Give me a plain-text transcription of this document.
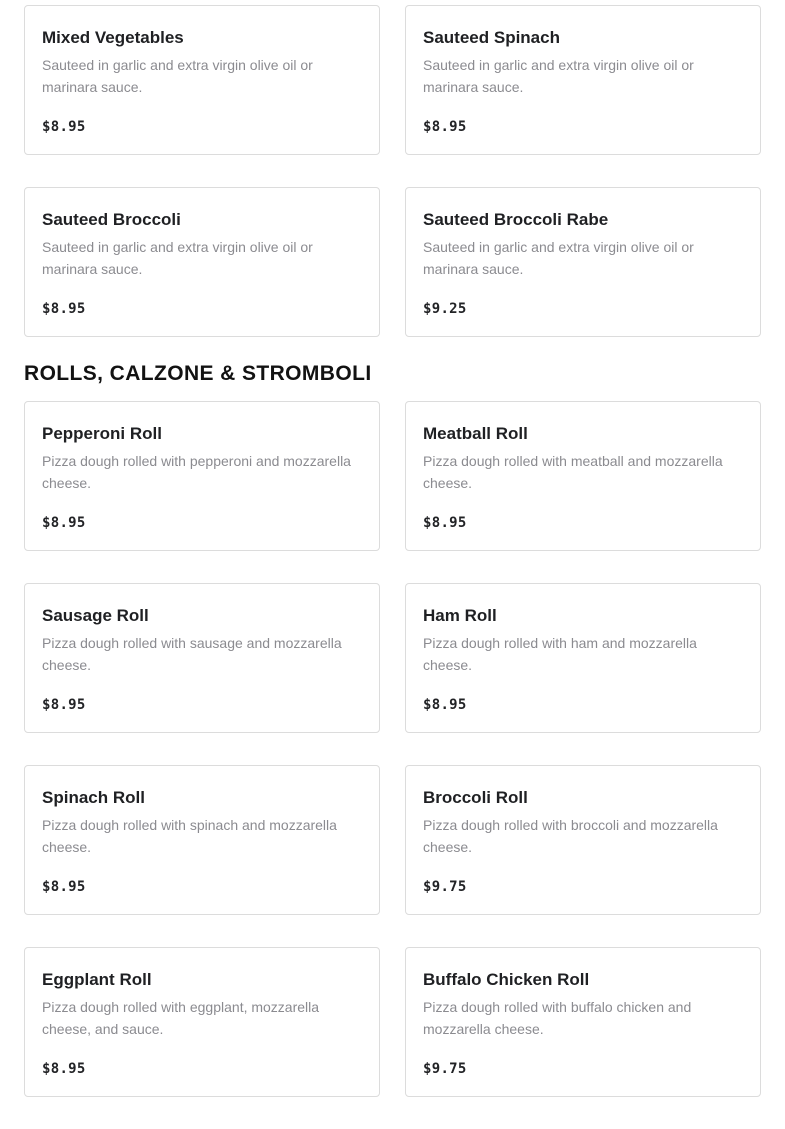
Mixed Vegetables

Sauteed in garlic and extra virgin olive oil or marinara sauce.

$8.95
Sauteed Spinach

Sauteed in garlic and extra virgin olive oil or marinara sauce.

$8.95
Sauteed Broccoli

Sauteed in garlic and extra virgin olive oil or marinara sauce.

$8.95
Sauteed Broccoli Rabe

Sauteed in garlic and extra virgin olive oil or marinara sauce.

$9.25
ROLLS, CALZONE & STROMBOLI
Pepperoni Roll

Pizza dough rolled with pepperoni and mozzarella cheese.

$8.95
Meatball Roll

Pizza dough rolled with meatball and mozzarella cheese.

$8.95
Sausage Roll

Pizza dough rolled with sausage and mozzarella cheese.

$8.95
Ham Roll

Pizza dough rolled with ham and mozzarella cheese.

$8.95
Spinach Roll

Pizza dough rolled with spinach and mozzarella cheese.

$8.95
Broccoli Roll

Pizza dough rolled with broccoli and mozzarella cheese.

$9.75
Eggplant Roll

Pizza dough rolled with eggplant, mozzarella cheese, and sauce.

$8.95
Buffalo Chicken Roll

Pizza dough rolled with buffalo chicken and mozzarella cheese.

$9.75
